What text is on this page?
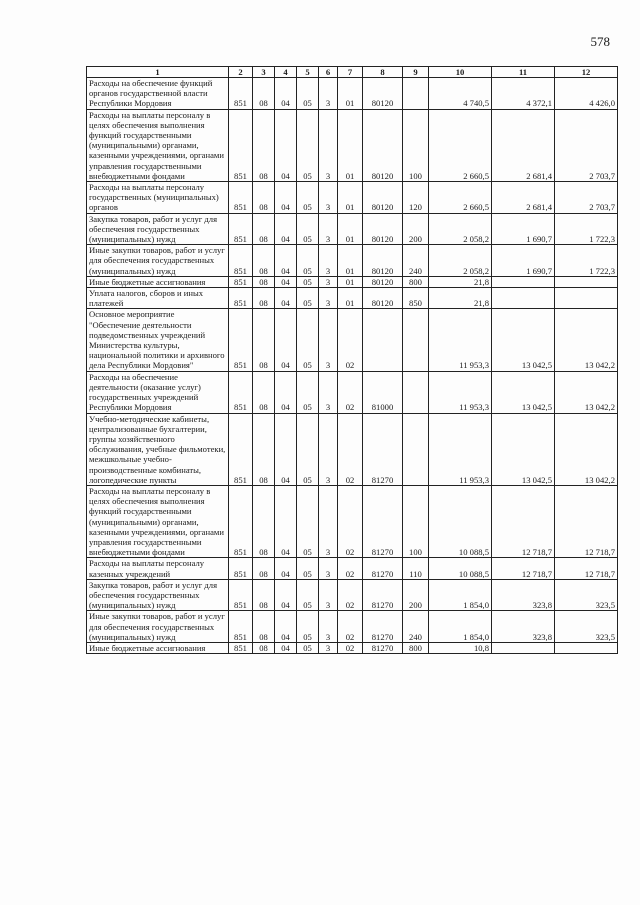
578
1	2	3	4	5	6	7	8	9	10	11	12
Расходы на обеспечение функций органов государственной власти Республики Мордовия	851	08	04	05	3	01	80120		4 740,5	4 372,1	4 426,0
Расходы на выплаты персоналу в целях обеспечения выполнения функций государственными (муниципальными) органами, казенными учреждениями, органами управления государственными внебюджетными фондами	851	08	04	05	3	01	80120	100	2 660,5	2 681,4	2 703,7
Расходы на выплаты персоналу государственных (муниципальных) органов	851	08	04	05	3	01	80120	120	2 660,5	2 681,4	2 703,7
Закупка товаров, работ и услуг для обеспечения государственных (муниципальных) нужд	851	08	04	05	3	01	80120	200	2 058,2	1 690,7	1 722,3
Иные закупки товаров, работ и услуг для обеспечения государственных (муниципальных) нужд	851	08	04	05	3	01	80120	240	2 058,2	1 690,7	1 722,3
Иные бюджетные ассигнования	851	08	04	05	3	01	80120	800	21,8		
Уплата налогов, сборов и иных платежей	851	08	04	05	3	01	80120	850	21,8		
Основное мероприятие "Обеспечение деятельности подведомственных учреждений Министерства культуры, национальной политики и архивного дела Республики Мордовия"	851	08	04	05	3	02			11 953,3	13 042,5	13 042,2
Расходы на обеспечение деятельности (оказание услуг) государственных учреждений Республики Мордовия	851	08	04	05	3	02	81000		11 953,3	13 042,5	13 042,2
Учебно-методические кабинеты, централизованные бухгалтерии, группы хозяйственного обслуживания, учебные фильмотеки, межшкольные учебно-производственные комбинаты, логопедические пункты	851	08	04	05	3	02	81270		11 953,3	13 042,5	13 042,2
Расходы на выплаты персоналу в целях обеспечения выполнения функций государственными (муниципальными) органами, казенными учреждениями, органами управления государственными внебюджетными фондами	851	08	04	05	3	02	81270	100	10 088,5	12 718,7	12 718,7
Расходы на выплаты персоналу казенных учреждений	851	08	04	05	3	02	81270	110	10 088,5	12 718,7	12 718,7
Закупка товаров, работ и услуг для обеспечения государственных (муниципальных) нужд	851	08	04	05	3	02	81270	200	1 854,0	323,8	323,5
Иные закупки товаров, работ и услуг для обеспечения государственных (муниципальных) нужд	851	08	04	05	3	02	81270	240	1 854,0	323,8	323,5
Иные бюджетные ассигнования	851	08	04	05	3	02	81270	800	10,8		
